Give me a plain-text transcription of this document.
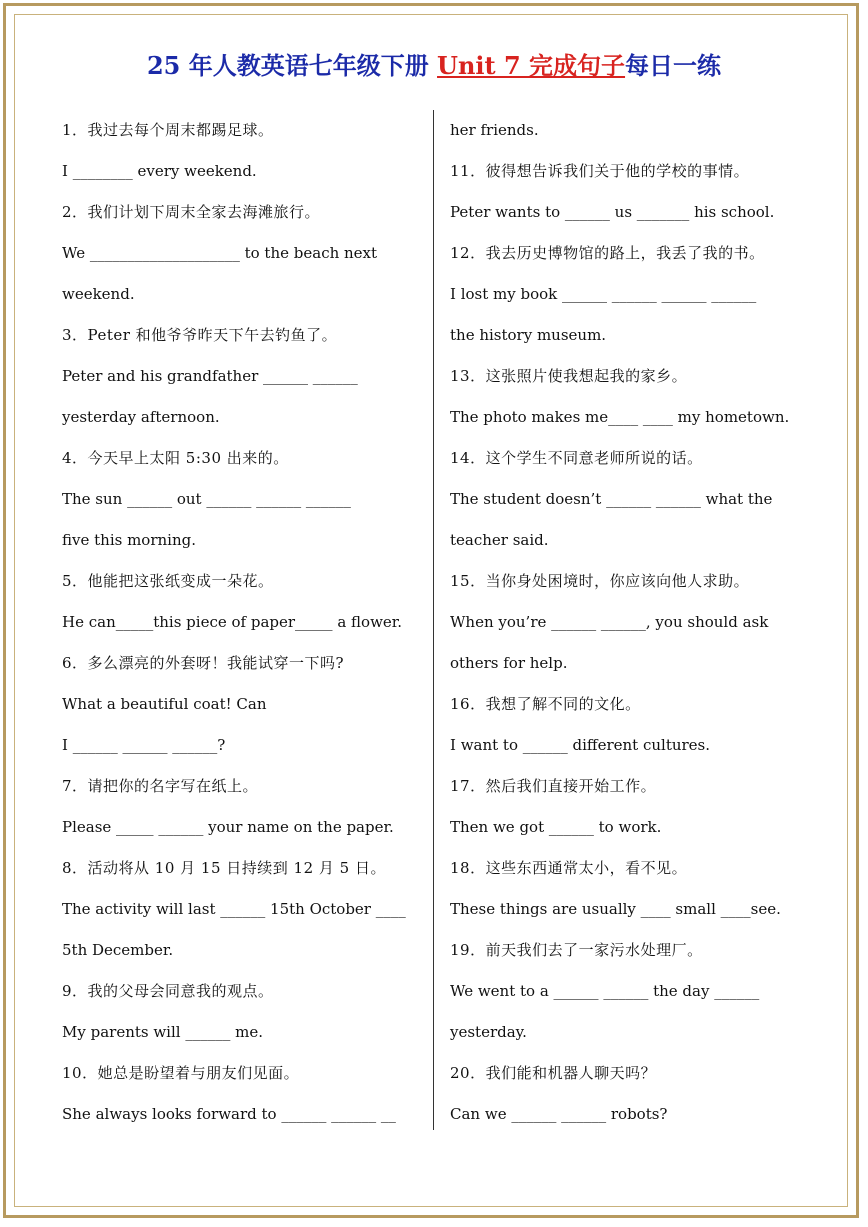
25 年人教英语七年级下册 Unit 7 完成句子每日一练
1．我过去每个周末都踢足球。
I ________ every weekend.
2．我们计划下周末全家去海滩旅行。
We ____________________ to the beach next
weekend.
3．Peter 和他爷爷昨天下午去钓鱼了。
Peter and his grandfather ______ ______
yesterday afternoon.
4．今天早上太阳 5:30 出来的。
The sun ______ out ______ ______ ______
five this morning.
5．他能把这张纸变成一朵花。
He can_____this piece of paper_____ a flower.
6．多么漂亮的外套呀！我能试穿一下吗?
What a beautiful coat! Can
I ______ ______ ______?
7．请把你的名字写在纸上。
Please _____ ______ your name on the paper.
8．活动将从 10 月 15 日持续到 12 月 5 日。
The activity will last ______ 15th October ____
5th December.
9．我的父母会同意我的观点。
My parents will ______ me.
10．她总是盼望着与朋友们见面。
She always looks forward to ______ ______ __
her friends.
11．彼得想告诉我们关于他的学校的事情。
Peter wants to ______ us _______ his school.
12．我去历史博物馆的路上，我丢了我的书。
I lost my book ______ ______ ______ ______
the history museum.
13．这张照片使我想起我的家乡。
The photo makes me____ ____ my hometown.
14．这个学生不同意老师所说的话。
The student doesn’t ______ ______ what the
teacher said.
15．当你身处困境时，你应该向他人求助。
When you’re ______ ______, you should ask
others for help.
16．我想了解不同的文化。
I want to ______ different cultures.
17．然后我们直接开始工作。
Then we got ______ to work.
18．这些东西通常太小，看不见。
These things are usually ____ small ____see.
19．前天我们去了一家污水处理厂。
We went to a ______ ______ the day ______
yesterday.
20．我们能和机器人聊天吗？
Can we ______ ______ robots?
